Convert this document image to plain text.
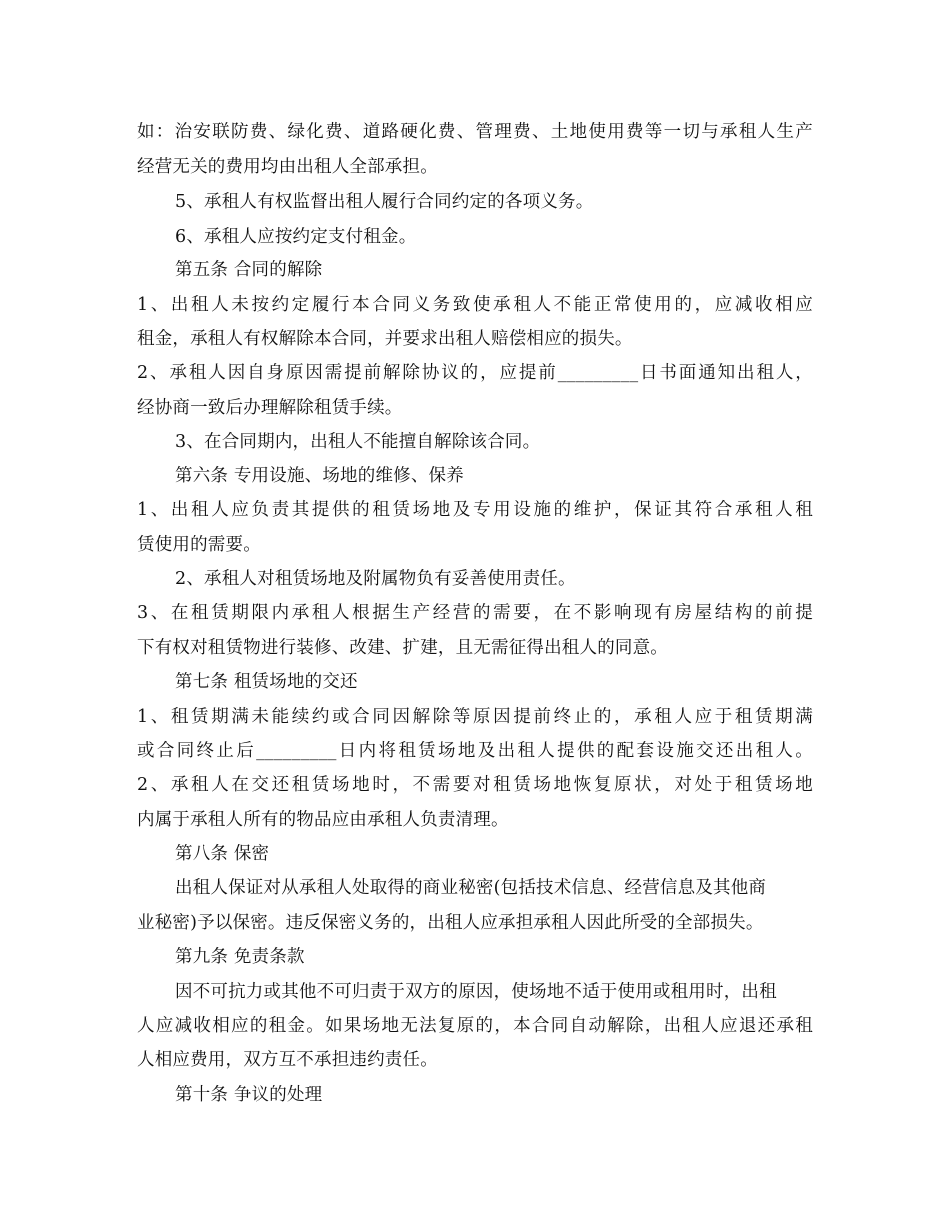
如：治安联防费、绿化费、道路硬化费、管理费、土地使用费等一切与承租人生产

经营无关的费用均由出租人全部承担。

5、承租人有权监督出租人履行合同约定的各项义务。

6、承租人应按约定支付租金。

第五条 合同的解除

1、出租人未按约定履行本合同义务致使承租人不能正常使用的，应减收相应

租金，承租人有权解除本合同，并要求出租人赔偿相应的损失。

2、承租人因自身原因需提前解除协议的，应提前_________日书面通知出租人，

经协商一致后办理解除租赁手续。

3、在合同期内，出租人不能擅自解除该合同。

第六条 专用设施、场地的维修、保养

1、出租人应负责其提供的租赁场地及专用设施的维护，保证其符合承租人租

赁使用的需要。

2、承租人对租赁场地及附属物负有妥善使用责任。

3、在租赁期限内承租人根据生产经营的需要，在不影响现有房屋结构的前提

下有权对租赁物进行装修、改建、扩建，且无需征得出租人的同意。

第七条 租赁场地的交还

1、租赁期满未能续约或合同因解除等原因提前终止的，承租人应于租赁期满

或合同终止后_________日内将租赁场地及出租人提供的配套设施交还出租人。

2、承租人在交还租赁场地时，不需要对租赁场地恢复原状，对处于租赁场地

内属于承租人所有的物品应由承租人负责清理。

第八条 保密

出租人保证对从承租人处取得的商业秘密(包括技术信息、经营信息及其他商

业秘密)予以保密。违反保密义务的，出租人应承担承租人因此所受的全部损失。

第九条 免责条款

因不可抗力或其他不可归责于双方的原因，使场地不适于使用或租用时，出租

人应减收相应的租金。如果场地无法复原的，本合同自动解除，出租人应退还承租

人相应费用，双方互不承担违约责任。

第十条 争议的处理
